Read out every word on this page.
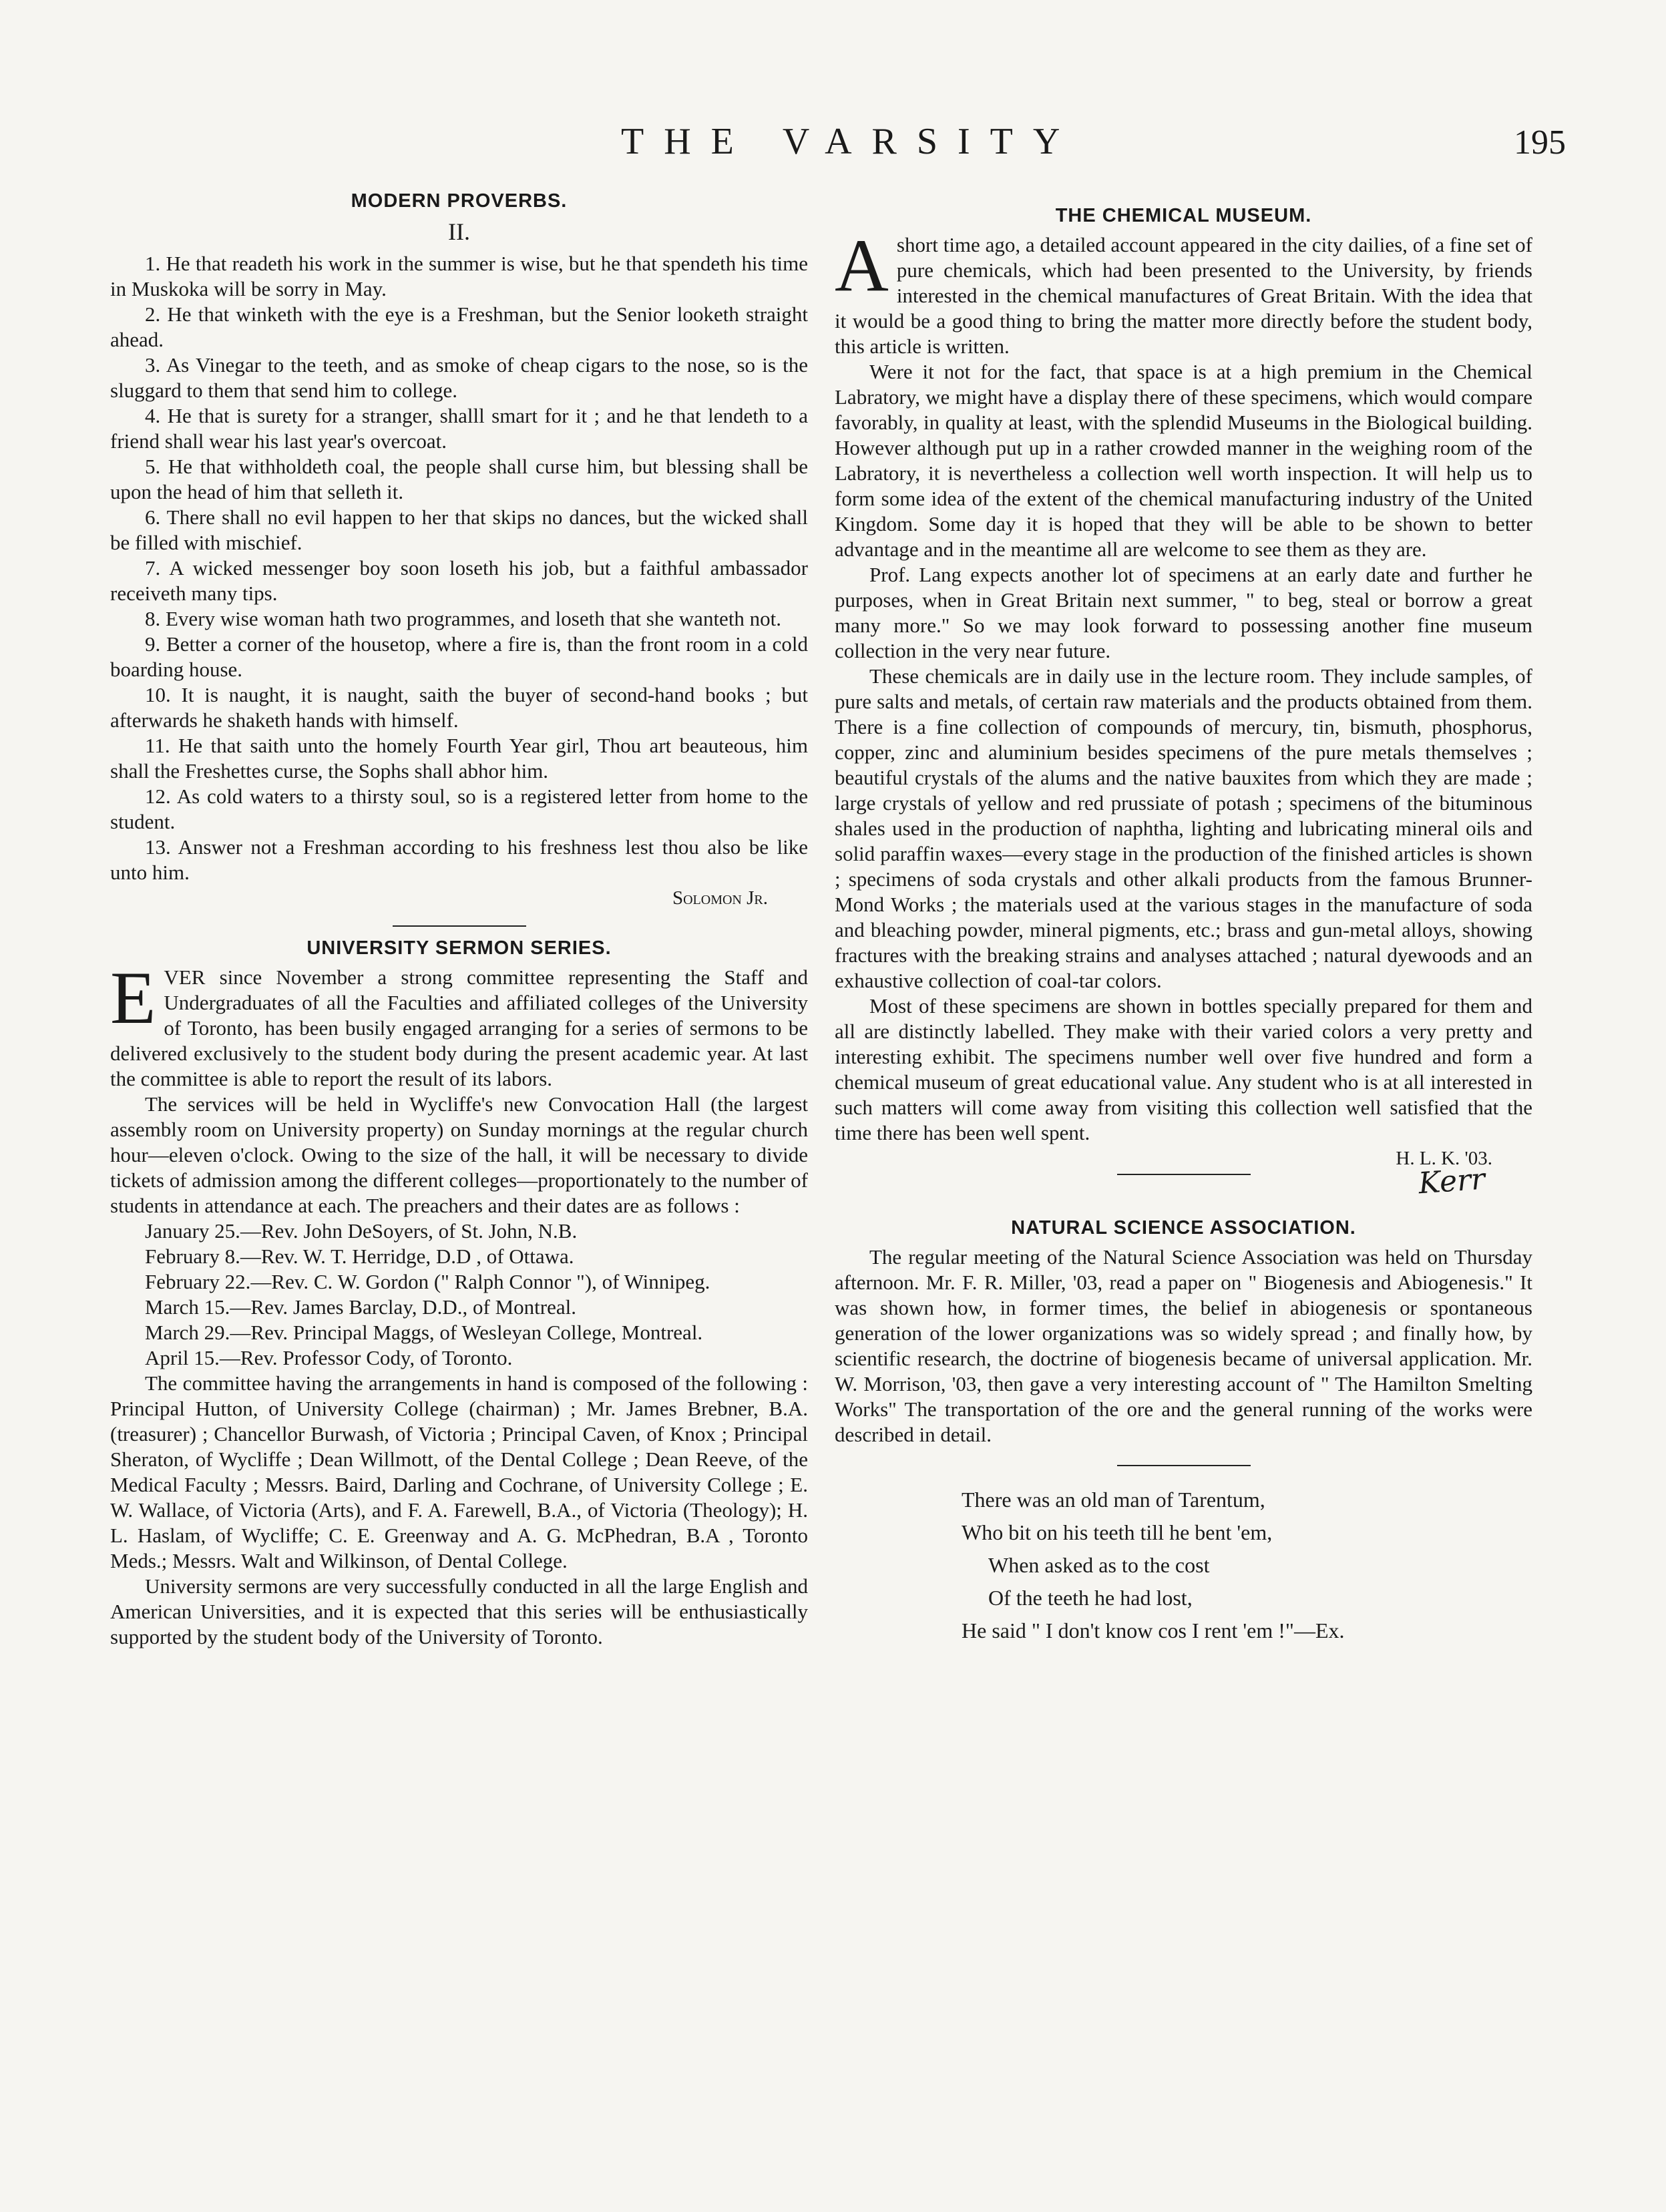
THE VARSITY	195
MODERN PROVERBS.
II.

1. He that readeth his work in the summer is wise, but he that spendeth his time in Muskoka will be sorry in May.

2. He that winketh with the eye is a Freshman, but the Senior looketh straight ahead.

3. As Vinegar to the teeth, and as smoke of cheap cigars to the nose, so is the sluggard to them that send him to college.

4. He that is surety for a stranger, shalll smart for it ; and he that lendeth to a friend shall wear his last year's overcoat.

5. He that withholdeth coal, the people shall curse him, but blessing shall be upon the head of him that selleth it.

6. There shall no evil happen to her that skips no dances, but the wicked shall be filled with mischief.

7. A wicked messenger boy soon loseth his job, but a faithful ambassador receiveth many tips.

8. Every wise woman hath two programmes, and loseth that she wanteth not.

9. Better a corner of the housetop, where a fire is, than the front room in a cold boarding house.

10. It is naught, it is naught, saith the buyer of second-hand books ; but afterwards he shaketh hands with himself.

11. He that saith unto the homely Fourth Year girl, Thou art beauteous, him shall the Freshettes curse, the Sophs shall abhor him.

12. As cold waters to a thirsty soul, so is a registered letter from home to the student.

13. Answer not a Freshman according to his freshness lest thou also be like unto him.

Solomon Jr.
UNIVERSITY SERMON SERIES.

EVER since November a strong committee representing the Staff and Undergraduates of all the Faculties and affiliated colleges of the University of Toronto, has been busily engaged arranging for a series of sermons to be delivered exclusively to the student body during the present academic year. At last the committee is able to report the result of its labors.

The services will be held in Wycliffe's new Convocation Hall (the largest assembly room on University property) on Sunday mornings at the regular church hour—eleven o'clock. Owing to the size of the hall, it will be necessary to divide tickets of admission among the different colleges—proportionately to the number of students in attendance at each. The preachers and their dates are as follows :

January 25.—Rev. John DeSoyers, of St. John, N.B.

February 8.—Rev. W. T. Herridge, D.D , of Ottawa.

February 22.—Rev. C. W. Gordon (" Ralph Connor "), of Winnipeg.

March 15.—Rev. James Barclay, D.D., of Montreal.

March 29.—Rev. Principal Maggs, of Wesleyan College, Montreal.

April 15.—Rev. Professor Cody, of Toronto.

The committee having the arrangements in hand is composed of the following : Principal Hutton, of University College (chairman) ; Mr. James Brebner, B.A. (treasurer) ; Chancellor Burwash, of Victoria ; Principal Caven, of Knox ; Principal Sheraton, of Wycliffe ; Dean Willmott, of the Dental College ; Dean Reeve, of the Medical Faculty ; Messrs. Baird, Darling and Cochrane, of University College ; E. W. Wallace, of Victoria (Arts), and F. A. Farewell, B.A., of Victoria (Theology); H. L. Haslam, of Wycliffe; C. E. Greenway and A. G. McPhedran, B.A , Toronto Meds.; Messrs. Walt and Wilkinson, of Dental College.

University sermons are very successfully conducted in all the large English and American Universities, and it is expected that this series will be enthusiastically supported by the student body of the University of Toronto.

THE CHEMICAL MUSEUM.

Ashort time ago, a detailed account appeared in the city dailies, of a fine set of pure chemicals, which had been presented to the University, by friends interested in the chemical manufactures of Great Britain. With the idea that it would be a good thing to bring the matter more directly before the student body, this article is written.

Were it not for the fact, that space is at a high premium in the Chemical Labratory, we might have a display there of these specimens, which would compare favorably, in quality at least, with the splendid Museums in the Biological building. However although put up in a rather crowded manner in the weighing room of the Labratory, it is nevertheless a collection well worth inspection. It will help us to form some idea of the extent of the chemical manufacturing industry of the United Kingdom. Some day it is hoped that they will be able to be shown to better advantage and in the meantime all are welcome to see them as they are.

Prof. Lang expects another lot of specimens at an early date and further he purposes, when in Great Britain next summer, " to beg, steal or borrow a great many more." So we may look forward to possessing another fine museum collection in the very near future.

These chemicals are in daily use in the lecture room. They include samples, of pure salts and metals, of certain raw materials and the products obtained from them. There is a fine collection of compounds of mercury, tin, bismuth, phosphorus, copper, zinc and aluminium besides specimens of the pure metals themselves ; beautiful crystals of the alums and the native bauxites from which they are made ; large crystals of yellow and red prussiate of potash ; specimens of the bituminous shales used in the production of naphtha, lighting and lubricating mineral oils and solid paraffin waxes—every stage in the production of the finished articles is shown ; specimens of soda crystals and other alkali products from the famous Brunner-Mond Works ; the materials used at the various stages in the manufacture of soda and bleaching powder, mineral pigments, etc.; brass and gun-metal alloys, showing fractures with the breaking strains and analyses attached ; natural dyewoods and an exhaustive collection of coal-tar colors.

Most of these specimens are shown in bottles specially prepared for them and all are distinctly labelled. They make with their varied colors a very pretty and interesting exhibit. The specimens number well over five hundred and form a chemical museum of great educational value. Any student who is at all interested in such matters will come away from visiting this collection well satisfied that the time there has been well spent.

H. L. K. '03.
Kerr
NATURAL SCIENCE ASSOCIATION.

The regular meeting of the Natural Science Association was held on Thursday afternoon. Mr. F. R. Miller, '03, read a paper on " Biogenesis and Abiogenesis." It was shown how, in former times, the belief in abiogenesis or spontaneous generation of the lower organizations was so widely spread ; and finally how, by scientific research, the doctrine of biogenesis became of universal application. Mr. W. Morrison, '03, then gave a very interesting account of " The Hamilton Smelting Works" The transportation of the ore and the general running of the works were described in detail.

There was an old man of Tarentum,
Who bit on his teeth till he bent 'em,
When asked as to the cost
Of the teeth he had lost,
He said " I don't know cos I rent 'em !"—Ex.
